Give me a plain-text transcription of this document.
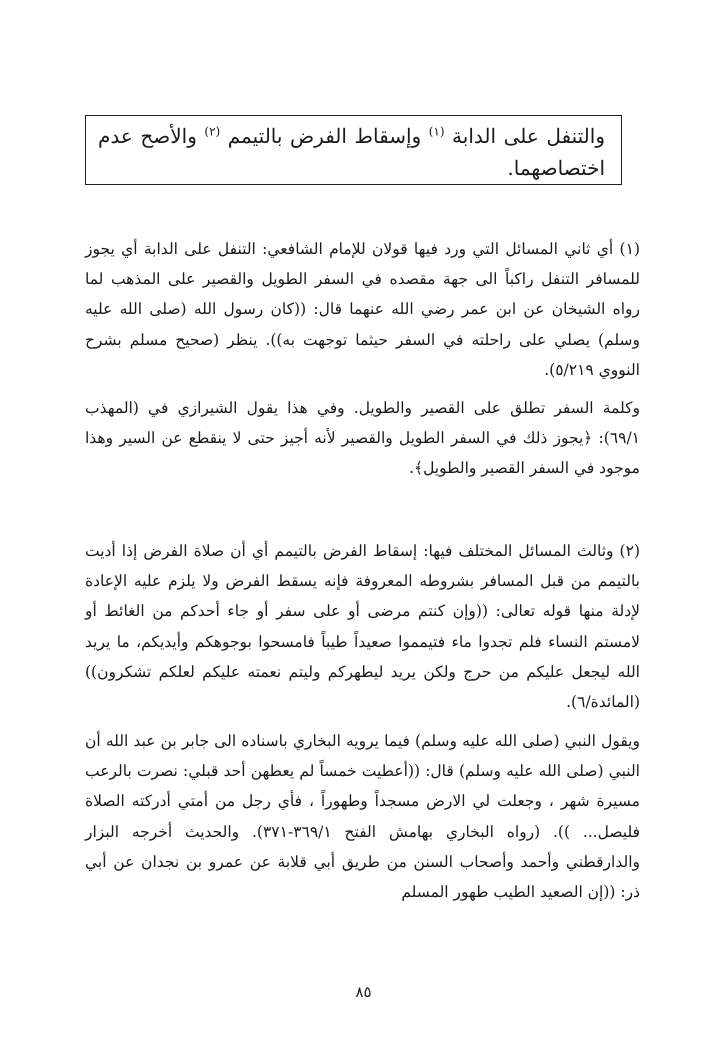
والتنفل على الدابة $^{(١)}$ وإسقاط الفرض بالتيمم $^{(٢)}$ والأصح عدم اختصاصهما.

(١) أي ثاني المسائل التي ورد فيها قولان للإمام الشافعي: التنفل على الدابة أي يجوز للمسافر التنفل راكباً الى جهة مقصده في السفر الطويل والقصير على المذهب لما رواه الشيخان عن ابن عمر رضي الله عنهما قال: ((كان رسول الله (صلى الله عليه وسلم) يصلي على راحلته في السفر حيثما توجهت به)). ينظر (صحيح مسلم بشرح النووي ٥/٢١٩).

وكلمة السفر تطلق على القصير والطويل. وفي هذا يقول الشيرازي في (المهذب ٦٩/١): ﴿يجوز ذلك في السفر الطويل والقصير لأنه أجيز حتى لا ينقطع عن السير وهذا موجود في السفر القصير والطويل﴾.

(٢) وثالث المسائل المختلف فيها: إسقاط الفرض بالتيمم أي أن صلاة الفرض إذا أديت بالتيمم من قبل المسافر بشروطه المعروفة فإنه يسقط الفرض ولا يلزم عليه الإعادة لإدلة منها قوله تعالى: ((وإن كنتم مرضى أو على سفر أو جاء أحدكم من الغائط أو لامستم النساء فلم تجدوا ماء فتيمموا صعيداً طيباً فامسحوا بوجوهكم وأيديكم، ما يريد الله ليجعل عليكم من حرج ولكن يريد ليطهركم وليتم نعمته عليكم لعلكم تشكرون))(المائدة/٦).

ويقول النبي (صلى الله عليه وسلم) فيما يرويه البخاري باسناده الى جابر بن عبد الله أن النبي (صلى الله عليه وسلم) قال: ((أعطيت خمساً لم يعطهن أحد قبلي: نصرت بالرعب مسيرة شهر ، وجعلت لي الارض مسجداً وطهوراً ، فأي رجل من أمتي أدركته الصلاة فليصل... )). (رواه البخاري بهامش الفتح ٣٦٩/١-٣٧١). والحديث أخرجه البزار والدارقطني وأحمد وأصحاب السنن من طريق أبي قلابة عن عمرو بن نجدان عن أبي ذر: ((إن الصعيد الطيب طهور المسلم

٨٥
